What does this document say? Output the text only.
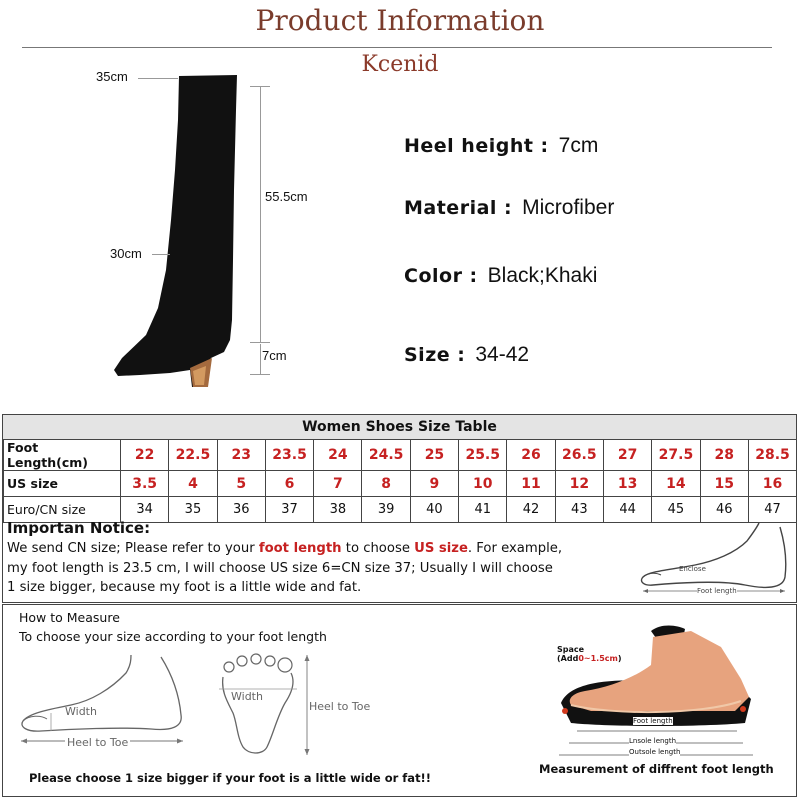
Product Information
Kcenid
35cm
55.5cm
30cm
7cm
Heel height : 7cm
Material : Microfiber
Color : Black;Khaki
Size : 34-42
Women Shoes Size Table
Foot Length(cm)	22	22.5	23	23.5	24	24.5	25	25.5	26	26.5	27	27.5	28	28.5
US size	3.5	4	5	6	7	8	9	10	11	12	13	14	15	16
Euro/CN size	34	35	36	37	38	39	40	41	42	43	44	45	46	47
Importan Notice:
We send CN size; Please refer to your foot length to choose US size. For example,
my foot length is 23.5 cm, I will choose US size 6=CN size 37; Usually I will choose
1 size bigger, because my foot is a little wide and fat.
Enclose
Foot length
How to Measure
To choose your size according to your foot length
Width
Heel to Toe
Width
Heel to Toe
Space
(Add0~1.5cm)
Foot length
Lnsole length
Outsole length
Measurement of diffrent foot length
Please choose 1 size bigger if your foot is a little wide or fat!!
